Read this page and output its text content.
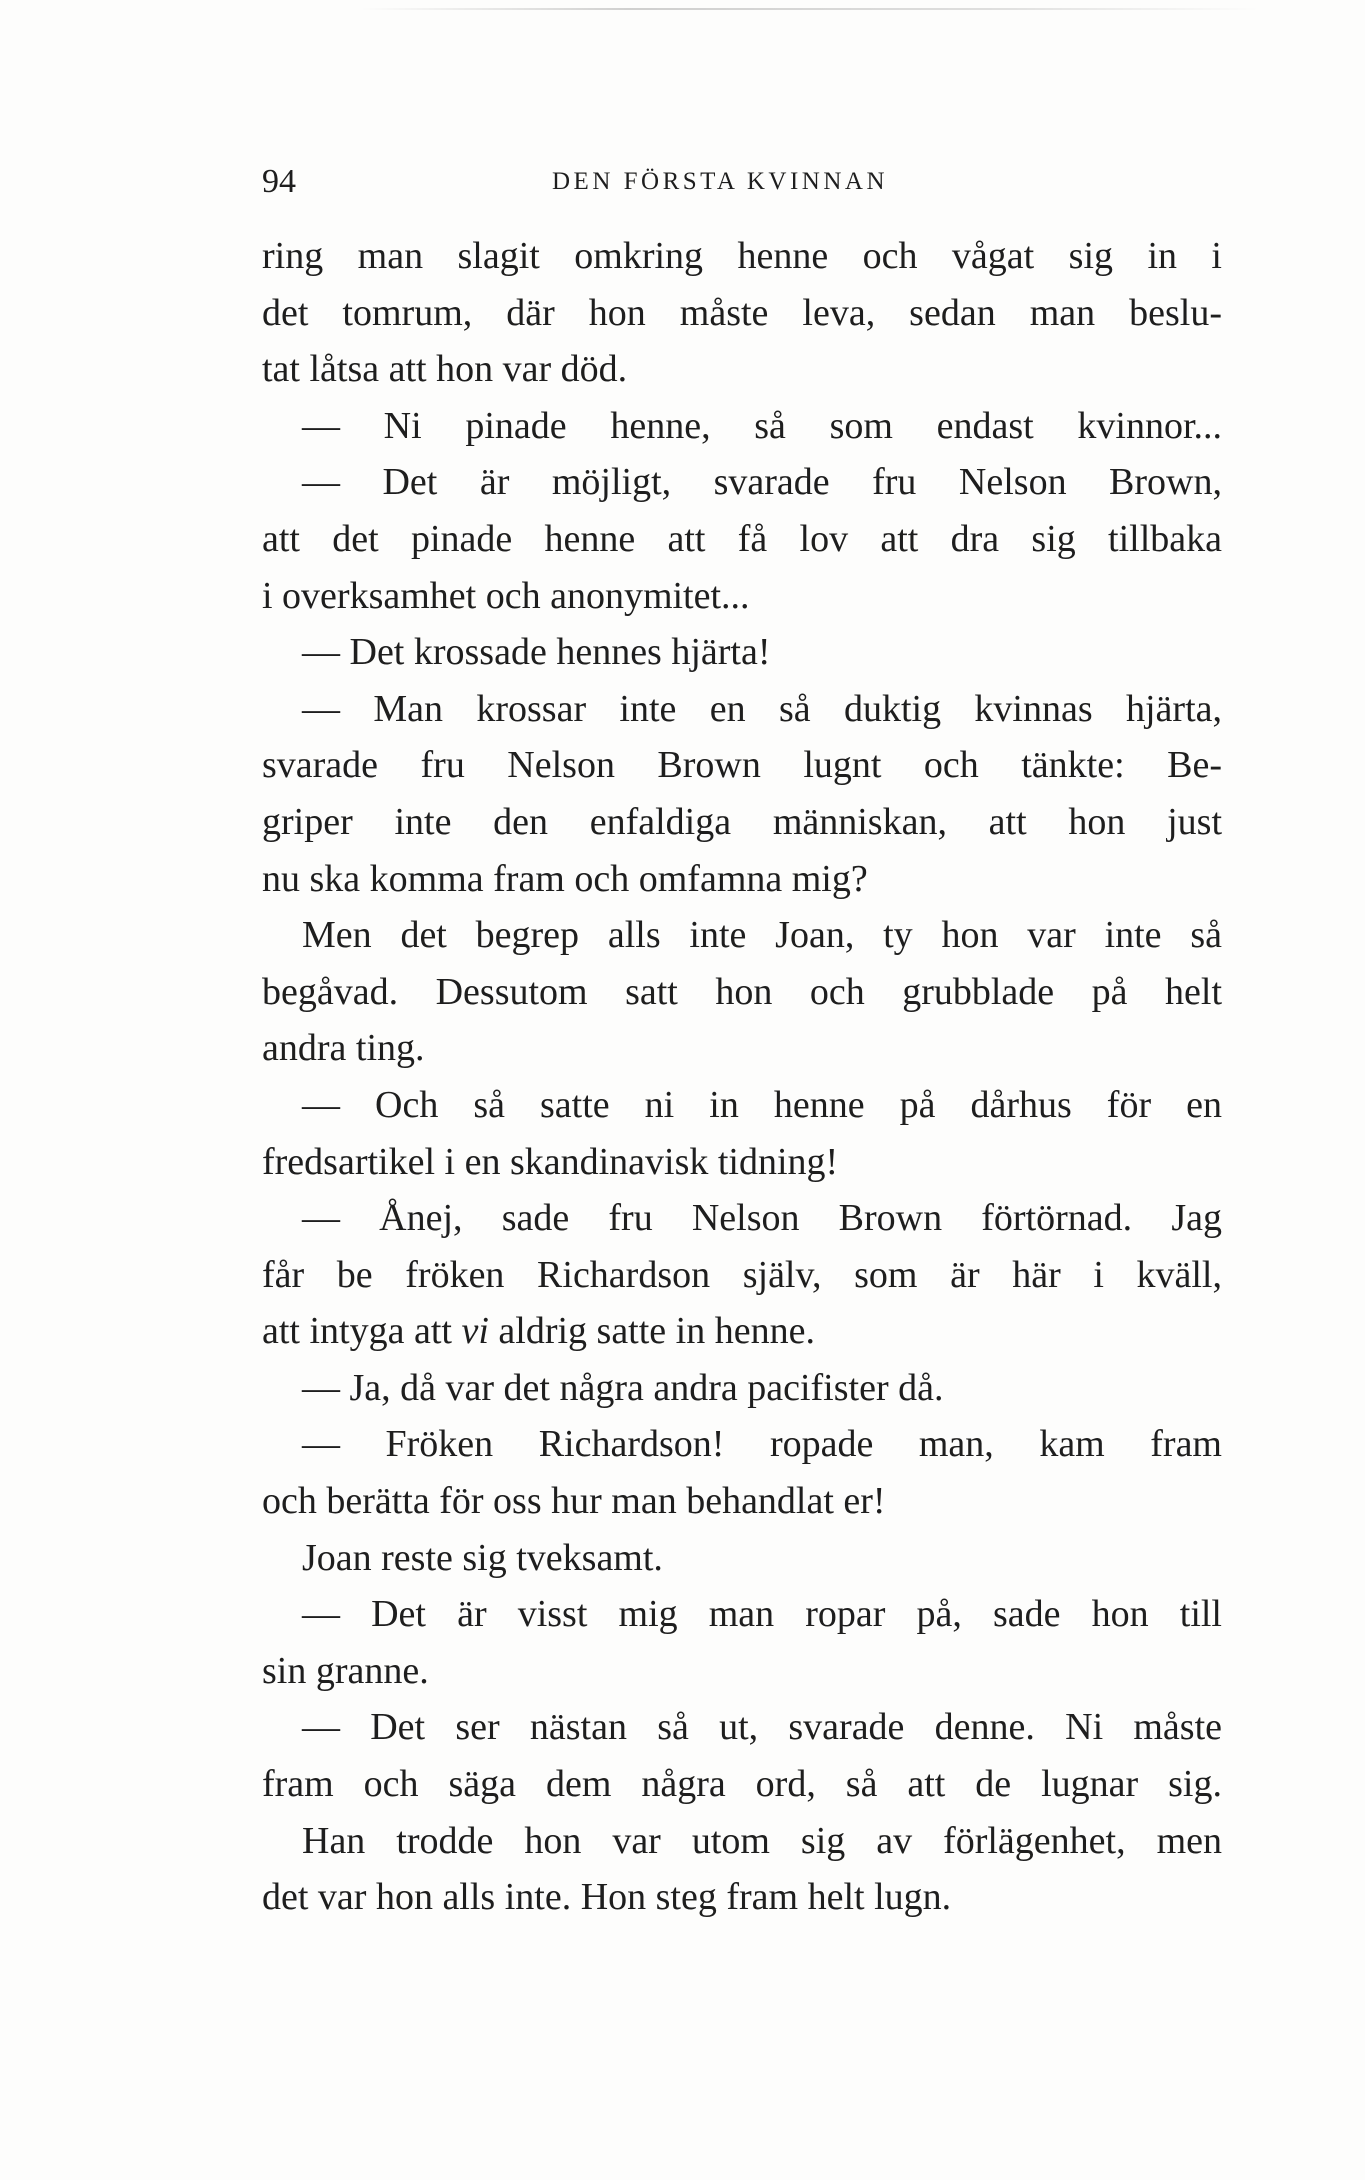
94	DEN FÖRSTA KVINNAN
ring man slagit omkring henne och vågat sig in i
det tomrum, där hon måste leva, sedan man beslu-
tat låtsa att hon var död.
— Ni pinade henne, så som endast kvinnor...
— Det är möjligt, svarade fru Nelson Brown,
att det pinade henne att få lov att dra sig tillbaka
i overksamhet och anonymitet...
— Det krossade hennes hjärta!
— Man krossar inte en så duktig kvinnas hjärta,
svarade fru Nelson Brown lugnt och tänkte: Be-
griper inte den enfaldiga människan, att hon just
nu ska komma fram och omfamna mig?
Men det begrep alls inte Joan, ty hon var inte så
begåvad. Dessutom satt hon och grubblade på helt
andra ting.
— Och så satte ni in henne på dårhus för en
fredsartikel i en skandinavisk tidning!
— Ånej, sade fru Nelson Brown förtörnad. Jag
får be fröken Richardson själv, som är här i kväll,
att intyga att vi aldrig satte in henne.
— Ja, då var det några andra pacifister då.
— Fröken Richardson! ropade man, kam fram
och berätta för oss hur man behandlat er!
Joan reste sig tveksamt.
— Det är visst mig man ropar på, sade hon till
sin granne.
— Det ser nästan så ut, svarade denne. Ni måste
fram och säga dem några ord, så att de lugnar sig.
Han trodde hon var utom sig av förlägenhet, men
det var hon alls inte. Hon steg fram helt lugn.
